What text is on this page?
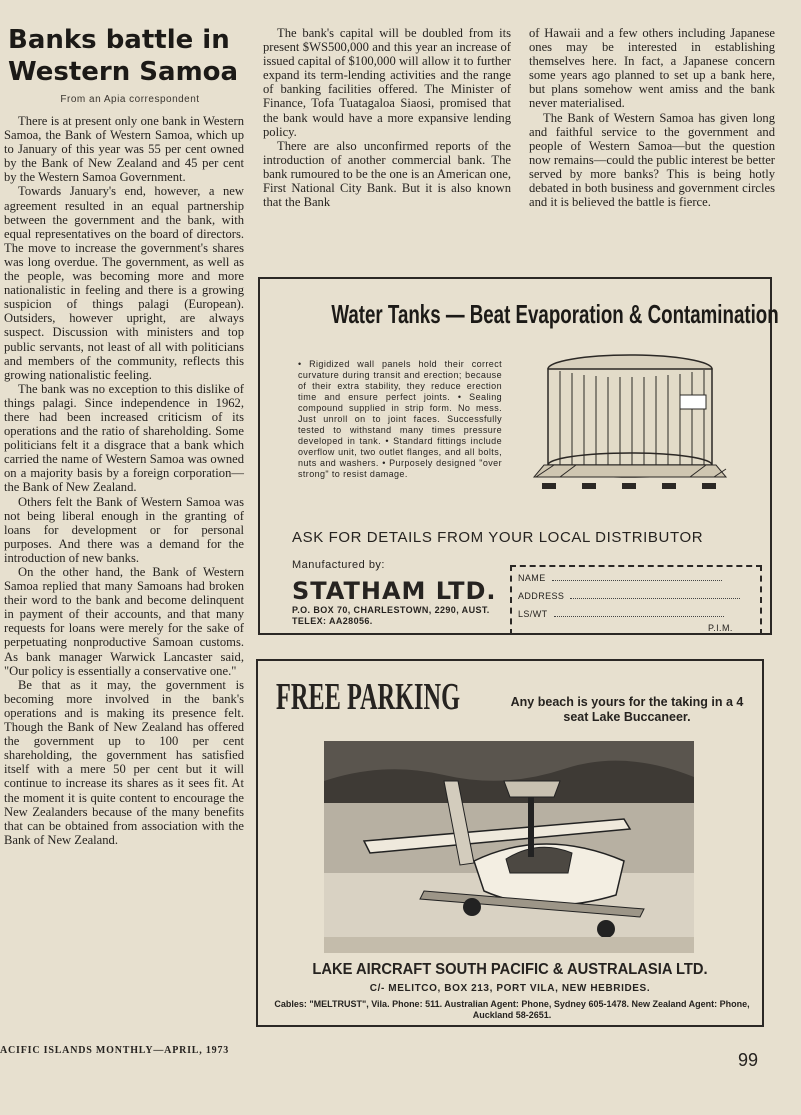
Banks battle in
Western Samoa
From an Apia correspondent

There is at present only one bank in Western Samoa, the Bank of Western Samoa, which up to January of this year was 55 per cent owned by the Bank of New Zealand and 45 per cent by the Western Samoa Government.

Towards January's end, however, a new agreement resulted in an equal partnership between the government and the bank, with equal representatives on the board of directors. The move to increase the government's shares was long overdue. The government, as well as the people, was becoming more and more nationalistic in feeling and there is a growing suspicion of things palagi (European). Outsiders, however upright, are always suspect. Discussion with ministers and top public servants, not least of all with politicians and members of the community, reflects this growing nationalistic feeling.

The bank was no exception to this dislike of things palagi. Since independence in 1962, there had been increased criticism of its operations and the ratio of shareholding. Some politicians felt it a disgrace that a bank which carried the name of Western Samoa was owned on a majority basis by a foreign corporation—the Bank of New Zealand.

Others felt the Bank of Western Samoa was not being liberal enough in the granting of loans for development or for personal purposes. And there was a demand for the introduction of new banks.

On the other hand, the Bank of Western Samoa replied that many Samoans had broken their word to the bank and become delinquent in payment of their accounts, and that many requests for loans were merely for the sake of perpetuating nonproductive Samoan customs. As bank manager Warwick Lancaster said, "Our policy is essentially a conservative one."

Be that as it may, the government is becoming more involved in the bank's operations and is making its presence felt. Though the Bank of New Zealand has offered the government up to 100 per cent shareholding, the government has satisfied itself with a mere 50 per cent but it will continue to increase its shares as it sees fit. At the moment it is quite content to encourage the New Zealanders because of the many benefits that can be obtained from association with the Bank of New Zealand.

The bank's capital will be doubled from its present $WS500,000 and this year an increase of issued capital of $100,000 will allow it to further expand its term-lending activities and the range of banking facilities offered. The Minister of Finance, Tofa Tuatagaloa Siaosi, promised that the bank would have a more expansive lending policy.

There are also unconfirmed reports of the introduction of another commercial bank. The bank rumoured to be the one is an American one, First National City Bank. But it is also known that the Bank

of Hawaii and a few others including Japanese ones may be interested in establishing themselves here. In fact, a Japanese concern some years ago planned to set up a bank here, but plans somehow went amiss and the bank never materialised.

The Bank of Western Samoa has given long and faithful service to the government and people of Western Samoa—but the question now remains—could the public interest be better served by more banks? This is being hotly debated in both business and government circles and it is believed the battle is fierce.

Water Tanks — Beat Evaporation & Contamination
• Rigidized wall panels hold their correct curvature during transit and erection; because of their extra stability, they reduce erection time and ensure perfect joints. • Sealing compound supplied in strip form. No mess. Just unroll on to joint faces. Successfully tested to withstand many times pressure developed in tank. • Standard fittings include overflow unit, two outlet flanges, and all bolts, nuts and washers. • Purposely designed "over strong" to resist damage.
ASK FOR DETAILS FROM YOUR LOCAL DISTRIBUTOR
Manufactured by:
STATHAM LTD.
P.O. BOX 70, CHARLESTOWN, 2290, AUST. TELEX: AA28056.
NAME
ADDRESS
LS/WT
P.I.M.
FREE PARKING	Any beach is yours for the taking in a 4 seat Lake Buccaneer.
LAKE AIRCRAFT SOUTH PACIFIC & AUSTRALASIA LTD.
C/- MELITCO, BOX 213, PORT VILA, NEW HEBRIDES.
Cables: "MELTRUST", Vila. Phone: 511. Australian Agent: Phone, Sydney 605-1478. New Zealand Agent: Phone, Auckland 58-2651.
ACIFIC ISLANDS MONTHLY—APRIL, 1973	99
